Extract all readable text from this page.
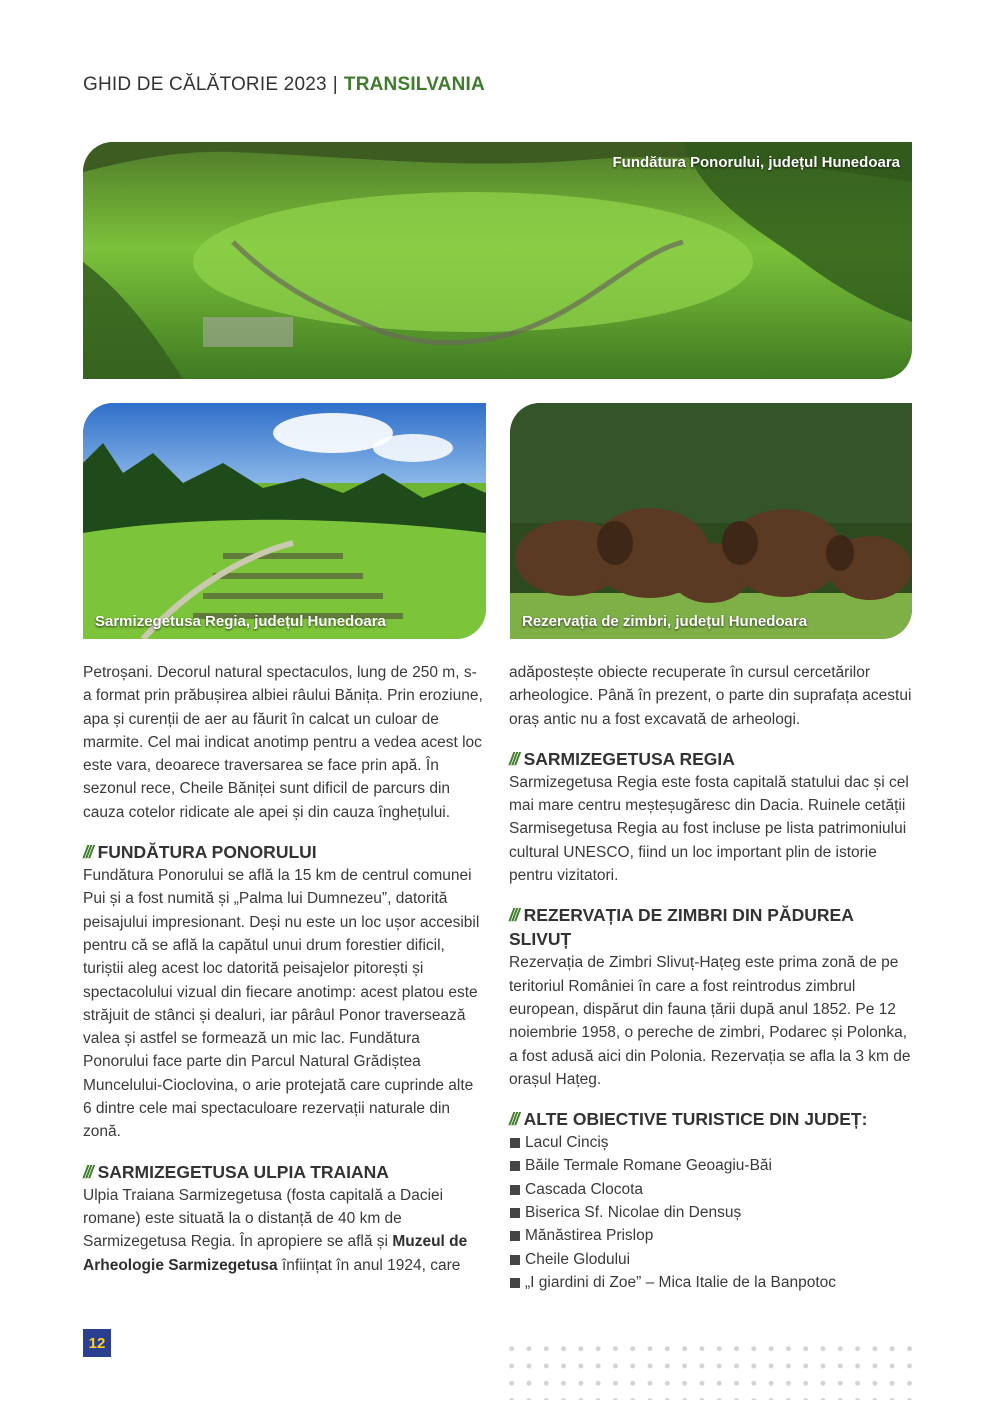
GHID DE CĂLĂTORIE 2023 | TRANSILVANIA
Fundătura Ponorului, județul Hunedoara
Sarmizegetusa Regia, județul Hunedoara	Rezervația de zimbri, județul Hunedoara

Petroșani. Decorul natural spectaculos, lung de 250 m, s-a format prin prăbușirea albiei râului Bănița. Prin eroziune, apa și curenții de aer au făurit în calcat un culoar de marmite. Cel mai indicat anotimp pentru a vedea acest loc este vara, deoarece traversarea se face prin apă. În sezonul rece, Cheile Băniței sunt dificil de parcurs din cauza cotelor ridicate ale apei și din cauza înghețului.

/// FUNDĂTURA PONORULUI

Fundătura Ponorului se află la 15 km de centrul comunei Pui și a fost numită și „Palma lui Dumnezeu”, datorită peisajului impresionant. Deși nu este un loc ușor accesibil pentru că se află la capătul unui drum forestier dificil, turiștii aleg acest loc datorită peisajelor pitorești și spectacolului vizual din fiecare anotimp: acest platou este străjuit de stânci și dealuri, iar pârâul Ponor traversează valea și astfel se formează un mic lac. Fundătura Ponorului face parte din Parcul Natural Grădiștea Muncelului-Cioclovina, o arie protejată care cuprinde alte 6 dintre cele mai spectaculoare rezervații naturale din zonă.

/// SARMIZEGETUSA ULPIA TRAIANA

Ulpia Traiana Sarmizegetusa (fosta capitală a Daciei romane) este situată la o distanță de 40 km de Sarmizegetusa Regia. În apropiere se află și Muzeul de Arheologie Sarmizegetusa înființat în anul 1924, care

adăpostește obiecte recuperate în cursul cercetărilor arheologice. Până în prezent, o parte din suprafața acestui oraș antic nu a fost excavată de arheologi.

/// SARMIZEGETUSA REGIA

Sarmizegetusa Regia este fosta capitală statului dac și cel mai mare centru meșteșugăresc din Dacia. Ruinele cetății Sarmisegetusa Regia au fost incluse pe lista patrimoniului cultural UNESCO, fiind un loc important plin de istorie pentru vizitatori.

/// REZERVAȚIA DE ZIMBRI DIN PĂDUREA SLIVUȚ

Rezervația de Zimbri Slivuț-Hațeg este prima zonă de pe teritoriul României în care a fost reintrodus zimbrul european, dispărut din fauna țării după anul 1852. Pe 12 noiembrie 1958, o pereche de zimbri, Podarec și Polonka, a fost adusă aici din Polonia. Rezervația se afla la 3 km de orașul Hațeg.

/// ALTE OBIECTIVE TURISTICE DIN JUDEȚ:
Lacul Cinciș
Băile Termale Romane Geoagiu-Băi
Cascada Clocota
Biserica Sf. Nicolae din Densuș
Mănăstirea Prislop
Cheile Glodului
„I giardini di Zoe” – Mica Italie de la Banpotoc
12
